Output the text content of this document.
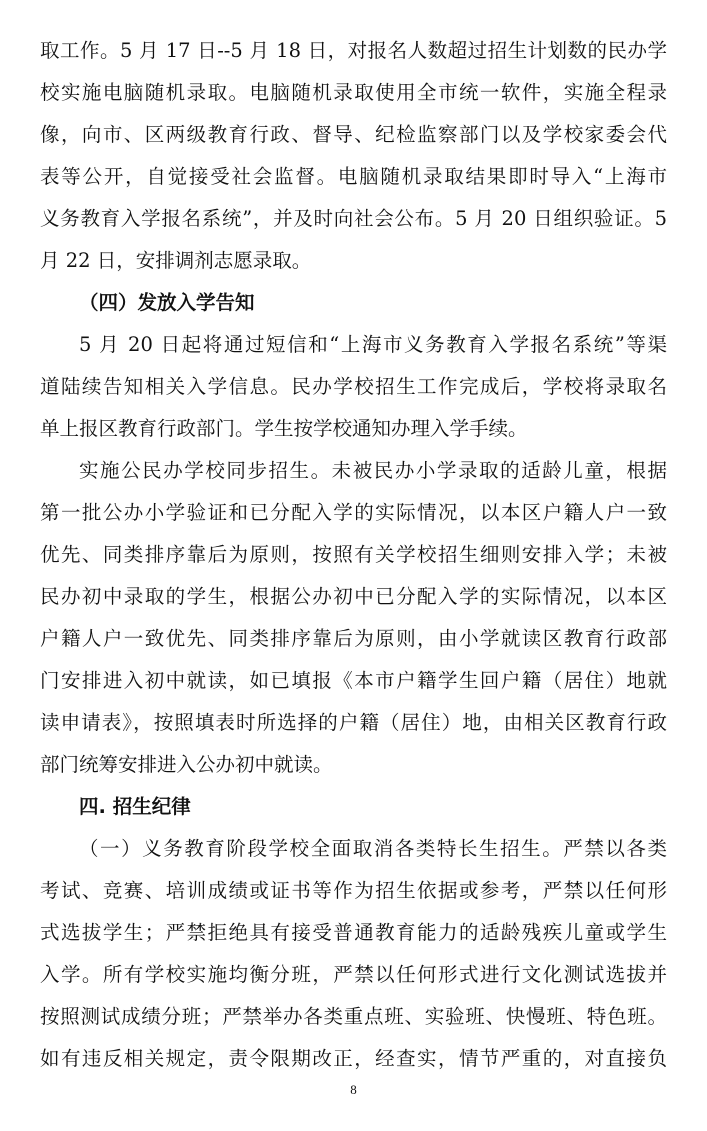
取工作。5 月 17 日--5 月 18 日，对报名人数超过招生计划数的民办学
校实施电脑随机录取。电脑随机录取使用全市统一软件，实施全程录
像，向市、区两级教育行政、督导、纪检监察部门以及学校家委会代
表等公开，自觉接受社会监督。电脑随机录取结果即时导入“上海市
义务教育入学报名系统”，并及时向社会公布。5 月 20 日组织验证。5
月 22 日，安排调剂志愿录取。
（四）发放入学告知
5 月 20 日起将通过短信和“上海市义务教育入学报名系统”等渠
道陆续告知相关入学信息。民办学校招生工作完成后，学校将录取名
单上报区教育行政部门。学生按学校通知办理入学手续。
实施公民办学校同步招生。未被民办小学录取的适龄儿童，根据
第一批公办小学验证和已分配入学的实际情况，以本区户籍人户一致
优先、同类排序靠后为原则，按照有关学校招生细则安排入学；未被
民办初中录取的学生，根据公办初中已分配入学的实际情况，以本区
户籍人户一致优先、同类排序靠后为原则，由小学就读区教育行政部
门安排进入初中就读，如已填报《本市户籍学生回户籍（居住）地就
读申请表》，按照填表时所选择的户籍（居住）地，由相关区教育行政
部门统筹安排进入公办初中就读。
四. 招生纪律
（一）义务教育阶段学校全面取消各类特长生招生。严禁以各类
考试、竞赛、培训成绩或证书等作为招生依据或参考，严禁以任何形
式选拔学生；严禁拒绝具有接受普通教育能力的适龄残疾儿童或学生
入学。所有学校实施均衡分班，严禁以任何形式进行文化测试选拔并
按照测试成绩分班；严禁举办各类重点班、实验班、快慢班、特色班。
如有违反相关规定，责令限期改正，经查实，情节严重的，对直接负
8
